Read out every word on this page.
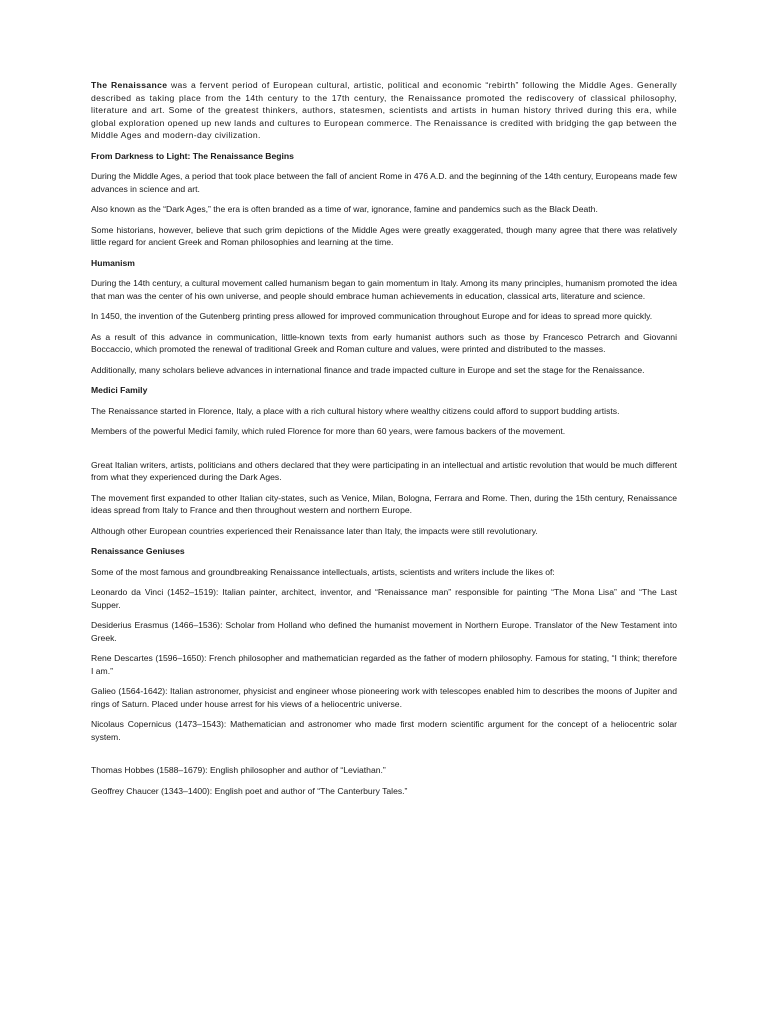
The Renaissance was a fervent period of European cultural, artistic, political and economic “rebirth” following the Middle Ages. Generally described as taking place from the 14th century to the 17th century, the Renaissance promoted the rediscovery of classical philosophy, literature and art. Some of the greatest thinkers, authors, statesmen, scientists and artists in human history thrived during this era, while global exploration opened up new lands and cultures to European commerce. The Renaissance is credited with bridging the gap between the Middle Ages and modern-day civilization.

From Darkness to Light: The Renaissance Begins

During the Middle Ages, a period that took place between the fall of ancient Rome in 476 A.D. and the beginning of the 14th century, Europeans made few advances in science and art.

Also known as the “Dark Ages,” the era is often branded as a time of war, ignorance, famine and pandemics such as the Black Death.

Some historians, however, believe that such grim depictions of the Middle Ages were greatly exaggerated, though many agree that there was relatively little regard for ancient Greek and Roman philosophies and learning at the time.

Humanism

During the 14th century, a cultural movement called humanism began to gain momentum in Italy. Among its many principles, humanism promoted the idea that man was the center of his own universe, and people should embrace human achievements in education, classical arts, literature and science.

In 1450, the invention of the Gutenberg printing press allowed for improved communication throughout Europe and for ideas to spread more quickly.

As a result of this advance in communication, little-known texts from early humanist authors such as those by Francesco Petrarch and Giovanni Boccaccio, which promoted the renewal of traditional Greek and Roman culture and values, were printed and distributed to the masses.

Additionally, many scholars believe advances in international finance and trade impacted culture in Europe and set the stage for the Renaissance.

Medici Family

The Renaissance started in Florence, Italy, a place with a rich cultural history where wealthy citizens could afford to support budding artists.

Members of the powerful Medici family, which ruled Florence for more than 60 years, were famous backers of the movement.

Great Italian writers, artists, politicians and others declared that they were participating in an intellectual and artistic revolution that would be much different from what they experienced during the Dark Ages.

The movement first expanded to other Italian city-states, such as Venice, Milan, Bologna, Ferrara and Rome. Then, during the 15th century, Renaissance ideas spread from Italy to France and then throughout western and northern Europe.

Although other European countries experienced their Renaissance later than Italy, the impacts were still revolutionary.

Renaissance Geniuses

Some of the most famous and groundbreaking Renaissance intellectuals, artists, scientists and writers include the likes of:

Leonardo da Vinci (1452–1519): Italian painter, architect, inventor, and “Renaissance man” responsible for painting “The Mona Lisa” and “The Last Supper.

Desiderius Erasmus (1466–1536): Scholar from Holland who defined the humanist movement in Northern Europe. Translator of the New Testament into Greek.

Rene Descartes (1596–1650): French philosopher and mathematician regarded as the father of modern philosophy. Famous for stating, “I think; therefore I am.”

Galieo (1564-1642): Italian astronomer, physicist and engineer whose pioneering work with telescopes enabled him to describes the moons of Jupiter and rings of Saturn. Placed under house arrest for his views of a heliocentric universe.

Nicolaus Copernicus (1473–1543): Mathematician and astronomer who made first modern scientific argument for the concept of a heliocentric solar system.

Thomas Hobbes (1588–1679): English philosopher and author of “Leviathan.”

Geoffrey Chaucer (1343–1400): English poet and author of “The Canterbury Tales.”
